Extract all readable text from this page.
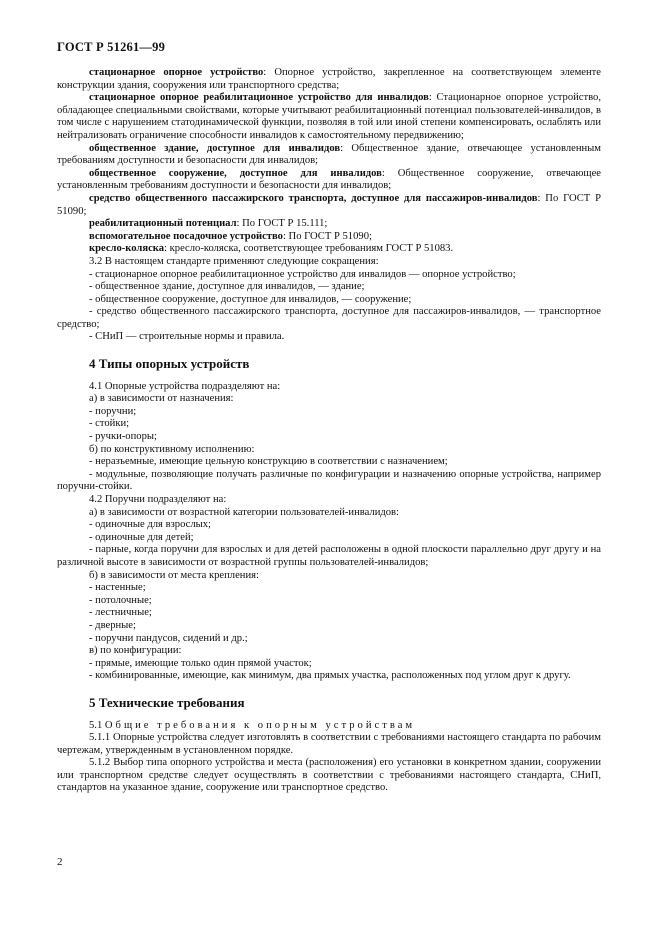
ГОСТ Р 51261—99

стационарное опорное устройство: Опорное устройство, закрепленное на соответствующем элементе конструкции здания, сооружения или транспортного средства;

стационарное опорное реабилитационное устройство для инвалидов: Стационарное опорное устройство, обладающее специальными свойствами, которые учитывают реабилитационный потенциал пользователей-инвалидов, в том числе с нарушением статодинамической функции, позволяя в той или иной степени компенсировать, ослаблять или нейтрализовать ограничение способности инвалидов к самостоятельному передвижению;

общественное здание, доступное для инвалидов: Общественное здание, отвечающее установленным требованиям доступности и безопасности для инвалидов;

общественное сооружение, доступное для инвалидов: Общественное сооружение, отвечающее установленным требованиям доступности и безопасности для инвалидов;

средство общественного пассажирского транспорта, доступное для пассажиров-инвалидов: По ГОСТ Р 51090;

реабилитационный потенциал: По ГОСТ Р 15.111;

вспомогательное посадочное устройство: По ГОСТ Р 51090;

кресло-коляска: кресло-коляска, соответствующее требованиям ГОСТ Р 51083.

3.2 В настоящем стандарте применяют следующие сокращения:

- стационарное опорное реабилитационное устройство для инвалидов — опорное устройство;

- общественное здание, доступное для инвалидов, — здание;

- общественное сооружение, доступное для инвалидов, — сооружение;

- средство общественного пассажирского транспорта, доступное для пассажиров-инвалидов, — транспортное средство;

- СНиП — строительные нормы и правила.

4 Типы опорных устройств

4.1 Опорные устройства подразделяют на:

а) в зависимости от назначения:

- поручни;

- стойки;

- ручки-опоры;

б) по конструктивному исполнению:

- неразъемные, имеющие цельную конструкцию в соответствии с назначением;

- модульные, позволяющие получать различные по конфигурации и назначению опорные устройства, например поручни-стойки.

4.2 Поручни подразделяют на:

а) в зависимости от возрастной категории пользователей-инвалидов:

- одиночные для взрослых;

- одиночные для детей;

- парные, когда поручни для взрослых и для детей расположены в одной плоскости параллельно друг другу и на различной высоте в зависимости от возрастной группы пользователей-инвалидов;

б) в зависимости от места крепления:

- настенные;

- потолочные;

- лестничные;

- дверные;

- поручни пандусов, сидений и др.;

в) по конфигурации:

- прямые, имеющие только один прямой участок;

- комбинированные, имеющие, как минимум, два прямых участка, расположенных под углом друг к другу.

5 Технические требования

5.1 Общие требования к опорным устройствам

5.1.1 Опорные устройства следует изготовлять в соответствии с требованиями настоящего стандарта по рабочим чертежам, утвержденным в установленном порядке.

5.1.2 Выбор типа опорного устройства и места (расположения) его установки в конкретном здании, сооружении или транспортном средстве следует осуществлять в соответствии с требованиями настоящего стандарта, СНиП, стандартов на указанное здание, сооружение или транспортное средство.

2
